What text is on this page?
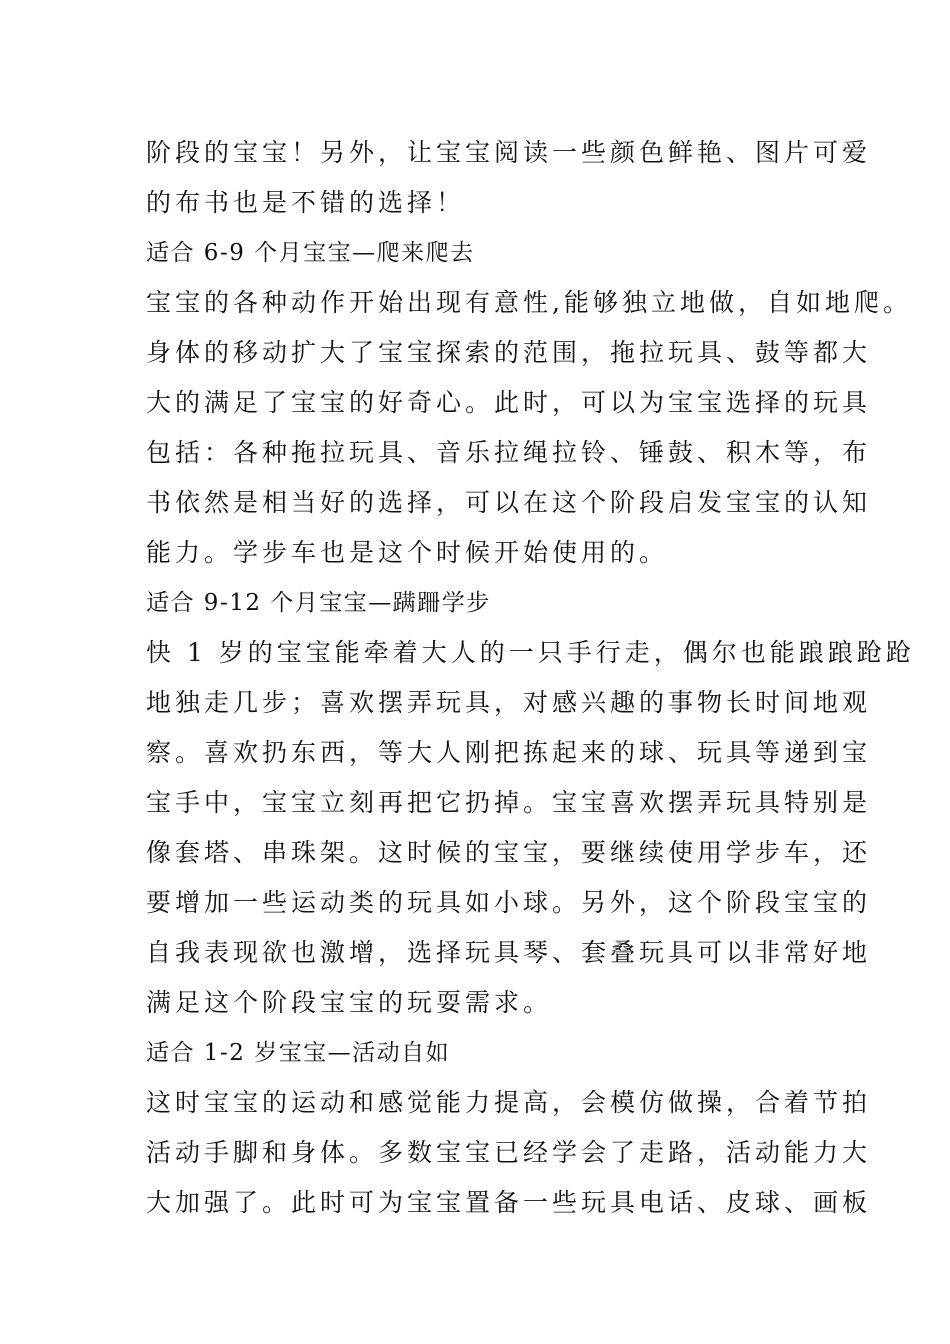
阶段的宝宝！另外，让宝宝阅读一些颜色鲜艳、图片可爱
的布书也是不错的选择！
适合 6-9 个月宝宝—爬来爬去
宝宝的各种动作开始出现有意性,能够独立地做，自如地爬。
身体的移动扩大了宝宝探索的范围，拖拉玩具、鼓等都大
大的满足了宝宝的好奇心。此时，可以为宝宝选择的玩具
包括：各种拖拉玩具、音乐拉绳拉铃、锤鼓、积木等，布
书依然是相当好的选择，可以在这个阶段启发宝宝的认知
能力。学步车也是这个时候开始使用的。
适合 9-12 个月宝宝—蹒跚学步
快 1 岁的宝宝能牵着大人的一只手行走，偶尔也能踉踉跄跄
地独走几步；喜欢摆弄玩具，对感兴趣的事物长时间地观
察。喜欢扔东西，等大人刚把拣起来的球、玩具等递到宝
宝手中，宝宝立刻再把它扔掉。宝宝喜欢摆弄玩具特别是
像套塔、串珠架。这时候的宝宝，要继续使用学步车，还
要增加一些运动类的玩具如小球。另外，这个阶段宝宝的
自我表现欲也激增，选择玩具琴、套叠玩具可以非常好地
满足这个阶段宝宝的玩耍需求。
适合 1-2 岁宝宝—活动自如
这时宝宝的运动和感觉能力提高，会模仿做操，合着节拍
活动手脚和身体。多数宝宝已经学会了走路，活动能力大
大加强了。此时可为宝宝置备一些玩具电话、皮球、画板
